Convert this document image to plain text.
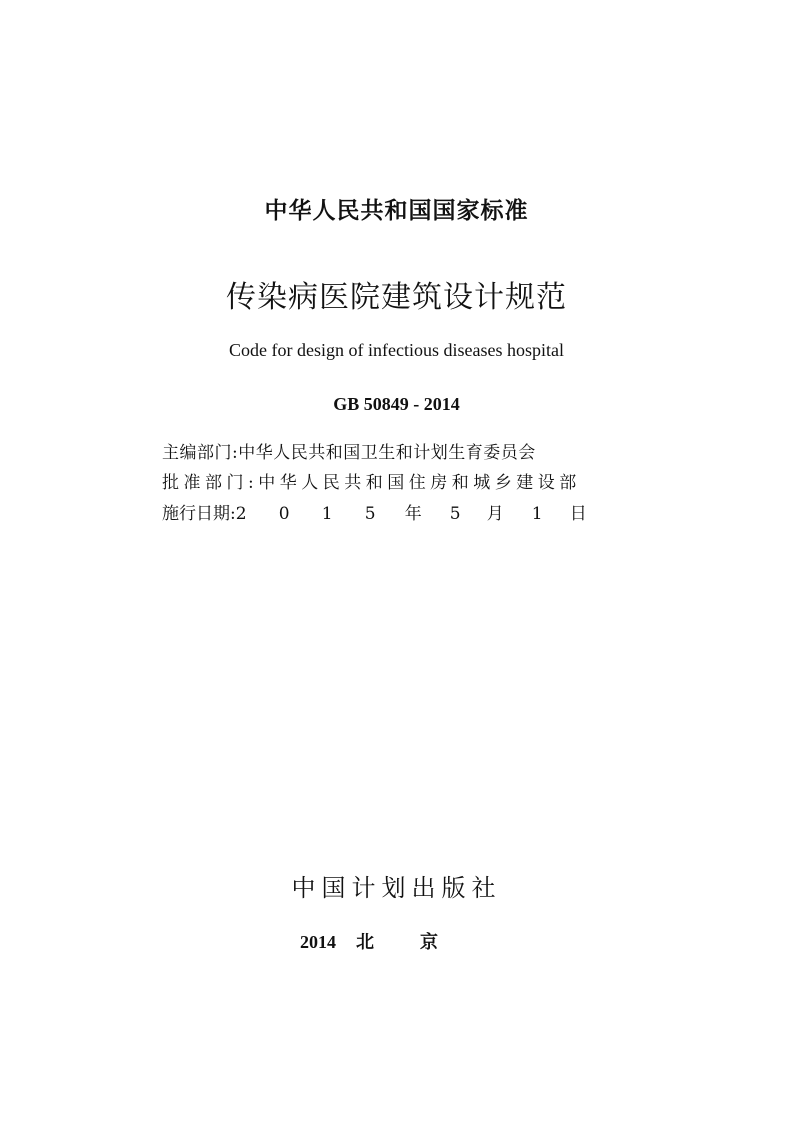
中华人民共和国国家标准
传染病医院建筑设计规范
Code for design of infectious diseases hospital
GB 50849 - 2014
主编部门:中华人民共和国卫生和计划生育委员会
批准部门:中华人民共和国住房和城乡建设部
施行日期: 2 0 1 5 年 5 月 1 日
中国计划出版社
2014 北	京
